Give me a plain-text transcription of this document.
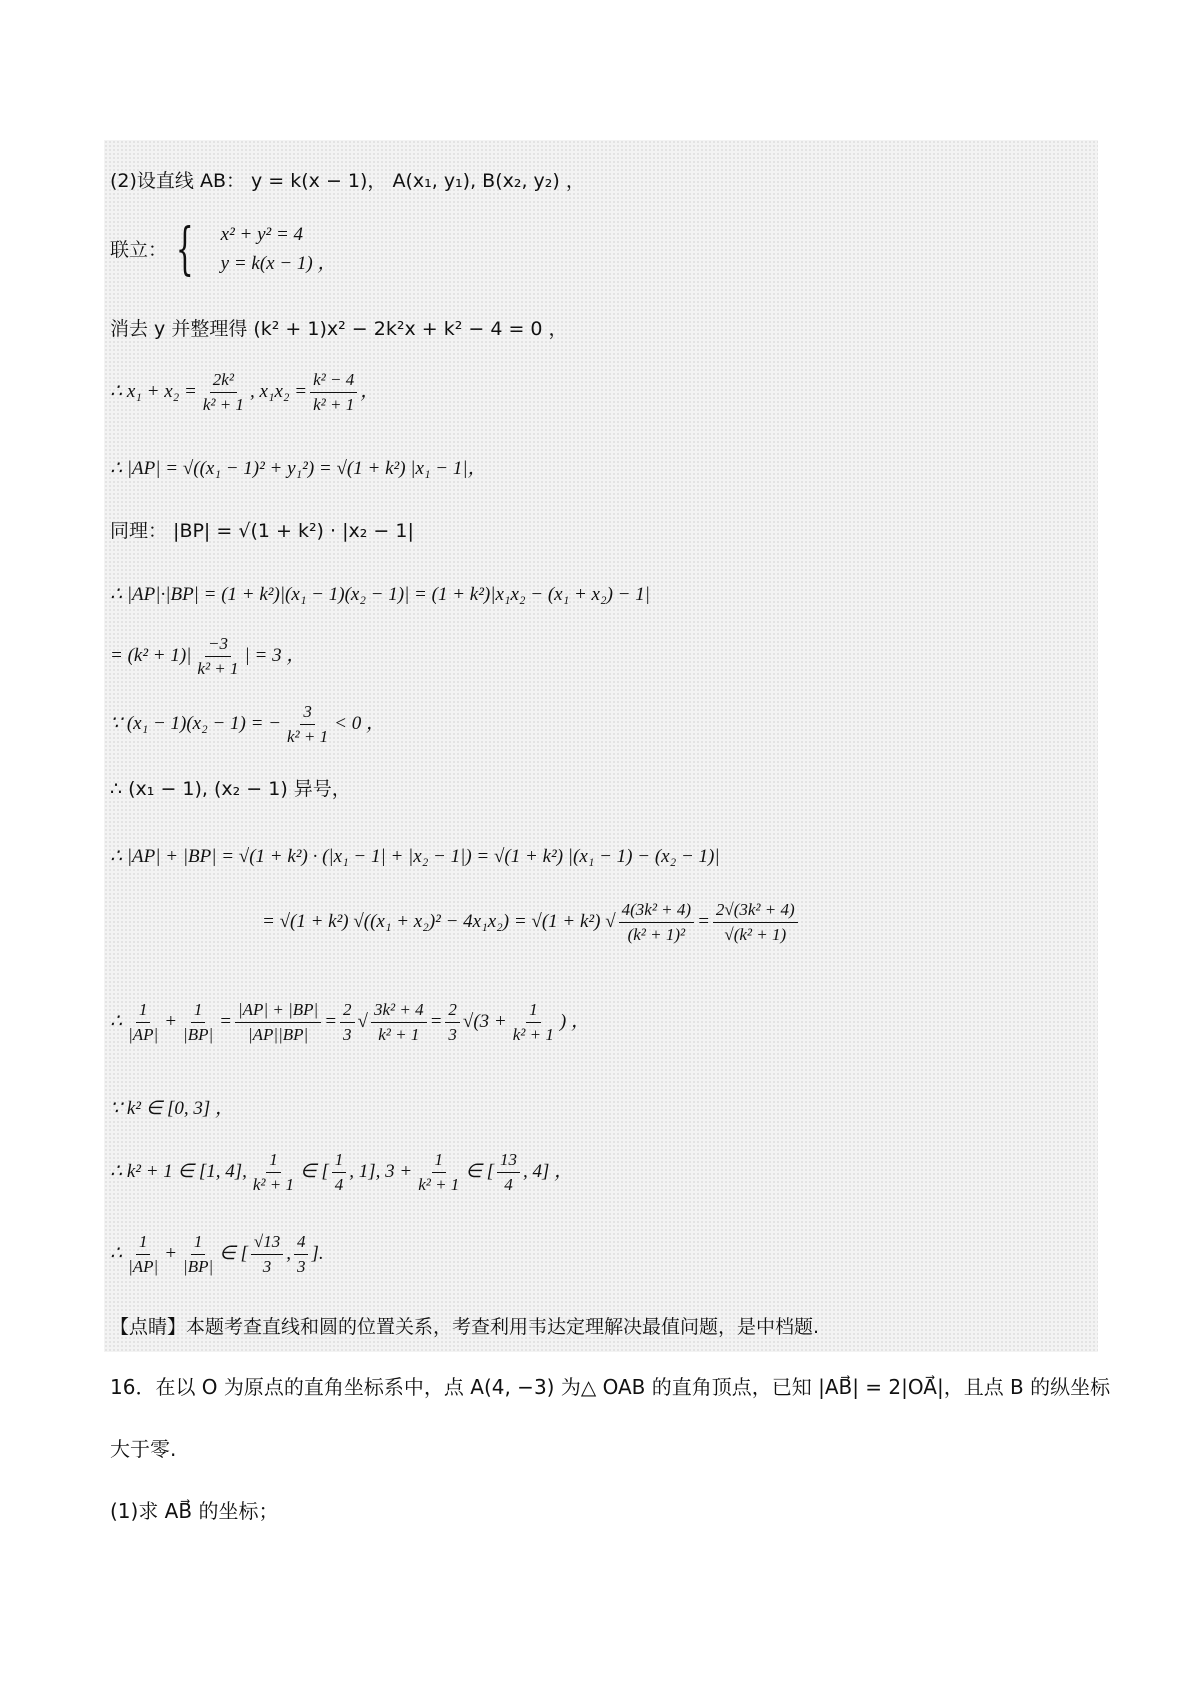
(2)设直线 AB： y = k(x − 1)， A(x₁, y₁), B(x₂, y₂) ，
联立： { x² + y² = 4
y = k(x − 1) ，
消去 y 并整理得 (k² + 1)x² − 2k²x + k² − 4 = 0 ，
∴ $x_1 + x_2 = \frac{\text{2k²}}{\text{k² + 1}}$ , $x_1x_2 = \frac{\text{k² − 4}}{\text{k² + 1}}$ ，
∴ |AP| = √((x₁ − 1)² + y₁²) = √(1 + k²) |x₁ − 1|，
同理： |BP| = √(1 + k²) · |x₂ − 1|
∴ |AP|·|BP| = (1 + k²)|(x₁ − 1)(x₂ − 1)| = (1 + k²)|x₁x₂ − (x₁ + x₂) − 1|
= $(k^2 + 1)| \frac{-3}{\text{k² + 1}}$ | = 3 ，
∵ (x₁ − 1)(x₂ − 1) = − $\frac{3}{\text{k² + 1}} < 0$ ，
∴ (x₁ − 1), (x₂ − 1) 异号，
∴ |AP| + |BP| = √(1 + k²) · (|x₁ − 1| + |x₂ − 1|) = √(1 + k²) |(x₁ − 1) − (x₂ − 1)|
= √(1 + k²) √((x₁ + x₂)² − 4x₁x₂) = √(1 + k²) √ $\frac{\text{4(3k² + 4)}}{\text{(k² + 1)²}} = \frac{\text{2√(3k² + 4)}}{\text{√(k² + 1)}}$
∴ $\frac{1}{|AP|} + \frac{1}{|BP|} = \frac{|AP| + |BP|}{|AP||BP|} = \frac{2}{3}$ √ $\frac{\text{3k² + 4}}{\text{k² + 1}} = \frac{2}{3} √(3 + \frac{1}{\text{k² + 1}}$ ) ，
∵ k² ∈ [0, 3] ，
∴ k² + 1 ∈ [1, 4], $\frac{1}{\text{k² + 1}}$ ∈ [ $\frac{1}{4}$ , 1], $3 + \frac{1}{\text{k² + 1}}$ ∈ [ $\frac{13}{4}$ , 4] ，
∴ $\frac{1}{|AP|} + \frac{1}{|BP|}$ ∈ [ $\frac{√13}{3}$ , $\frac{4}{3}$ ].
【点睛】本题考查直线和圆的位置关系，考查利用韦达定理解决最值问题，是中档题.
16．在以 O 为原点的直角坐标系中，点 A(4, −3) 为△ OAB 的直角顶点，已知 |AB⃗| = 2|OA⃗|，且点 B 的纵坐标
大于零.
(1)求 AB⃗ 的坐标；
